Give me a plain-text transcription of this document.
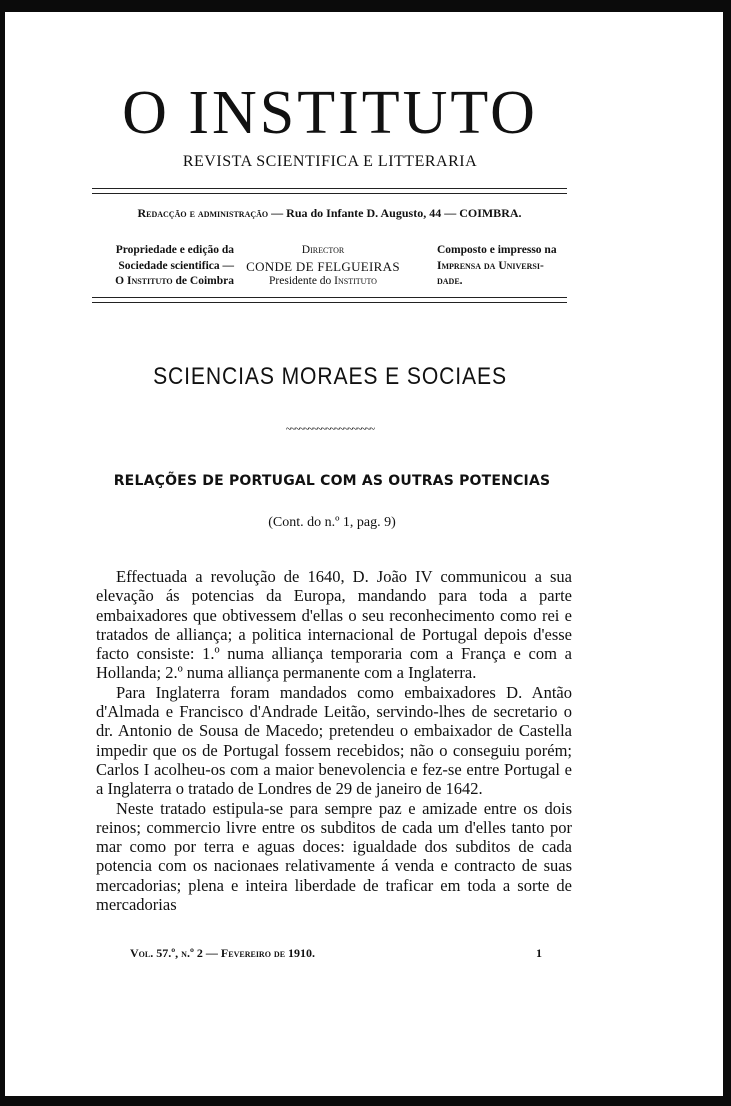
O INSTITUTO
REVISTA SCIENTIFICA E LITTERARIA
Redacção e administração — Rua do Infante D. Augusto, 44 — COIMBRA.
Propriedade e edição da
Sociedade scientifica —
O Instituto de Coimbra
Director
CONDE DE FELGUEIRAS
Presidente do Instituto
Composto e impresso na
Imprensa da Universi-
dade.
SCIENCIAS MORAES E SOCIAES
~~~~~~~~~~~~~~~~~~~~
RELAÇÕES DE PORTUGAL COM AS OUTRAS POTENCIAS
(Cont. do n.º 1, pag. 9)

Effectuada a revolução de 1640, D. João IV communicou a sua elevação ás potencias da Europa, mandando para toda a parte embaixadores que obtivessem d'ellas o seu reconhecimento como rei e tratados de alliança; a politica internacional de Portugal depois d'esse facto consiste: 1.º numa alliança temporaria com a França e com a Hollanda; 2.º numa alliança permanente com a Inglaterra.

Para Inglaterra foram mandados como embaixadores D. Antão d'Almada e Francisco d'Andrade Leitão, servindo-lhes de secretario o dr. Antonio de Sousa de Macedo; pretendeu o embaixador de Castella impedir que os de Portugal fossem recebidos; não o conseguiu porém; Carlos I acolheu-os com a maior benevolencia e fez-se entre Portugal e a Inglaterra o tratado de Londres de 29 de janeiro de 1642.

Neste tratado estipula-se para sempre paz e amizade entre os dois reinos; commercio livre entre os subditos de cada um d'elles tanto por mar como por terra e aguas doces: igualdade dos subditos de cada potencia com os nacionaes relativamente á venda e contracto de suas mercadorias; plena e inteira liberdade de traficar em toda a sorte de mercadorias

Vol. 57.º, n.º 2 — Fevereiro de 1910.	1
